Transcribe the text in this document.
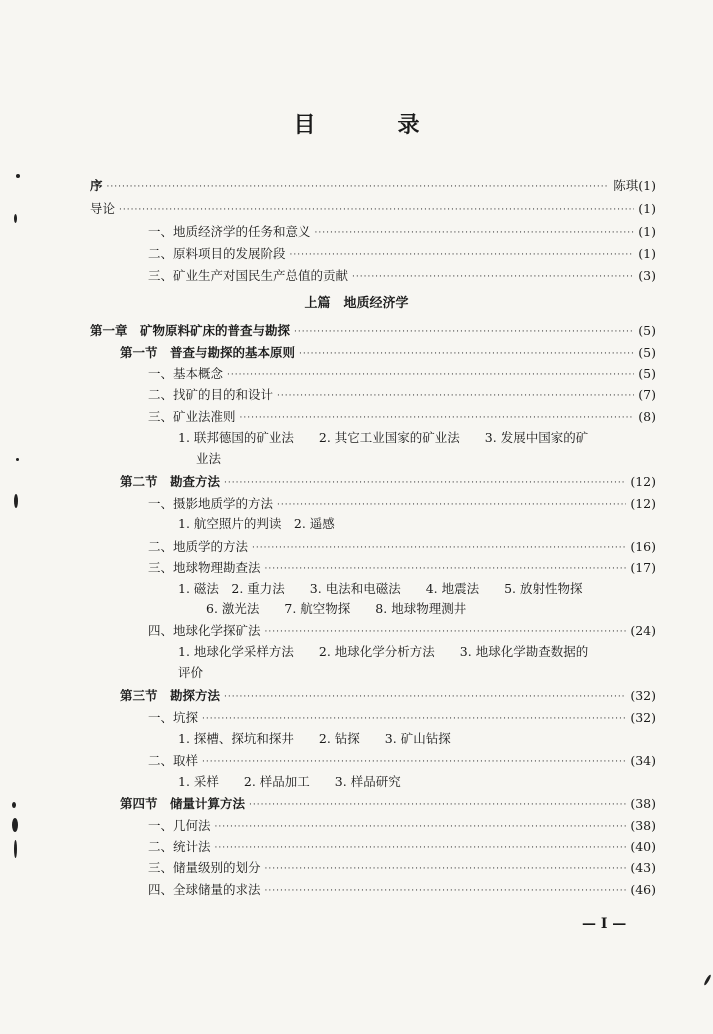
目　录
序 ·····	陈琪(1)
导论 ·····	(1)
一、地质经济学的任务和意义 ·····	(1)
二、原料项目的发展阶段 ·····	(1)
三、矿业生产对国民生产总值的贡献 ·····	(3)
上篇　地质经济学
第一章　矿物原料矿床的普查与勘探 ·····	(5)
第一节　普查与勘探的基本原则 ·····	(5)
一、基本概念 ·····	(5)
二、找矿的目的和设计 ·····	(7)
三、矿业法准则 ·····	(8)
1. 联邦德国的矿业法　　2. 其它工业国家的矿业法　　3. 发展中国家的矿
业法
第二节　勘查方法 ·····	(12)
一、摄影地质学的方法 ·····	(12)
1. 航空照片的判读　2. 遥感
二、地质学的方法 ·····	(16)
三、地球物理勘查法 ·····	(17)
1. 磁法　2. 重力法　　3. 电法和电磁法　　4. 地震法　　5. 放射性物探
6. 激光法　　7. 航空物探　　8. 地球物理测井
四、地球化学探矿法 ·····	(24)
1. 地球化学采样方法　　2. 地球化学分析方法　　3. 地球化学勘查数据的
评价
第三节　勘探方法 ·····	(32)
一、坑探 ·····	(32)
1. 探槽、探坑和探井　　2. 钻探　　3. 矿山钻探
二、取样 ·····	(34)
1. 采样　　2. 样品加工　　3. 样品研究
第四节　储量计算方法 ·····	(38)
一、几何法 ·····	(38)
二、统计法 ·····	(40)
三、储量级别的划分 ·····	(43)
四、全球储量的求法 ·····	(46)
— I —
